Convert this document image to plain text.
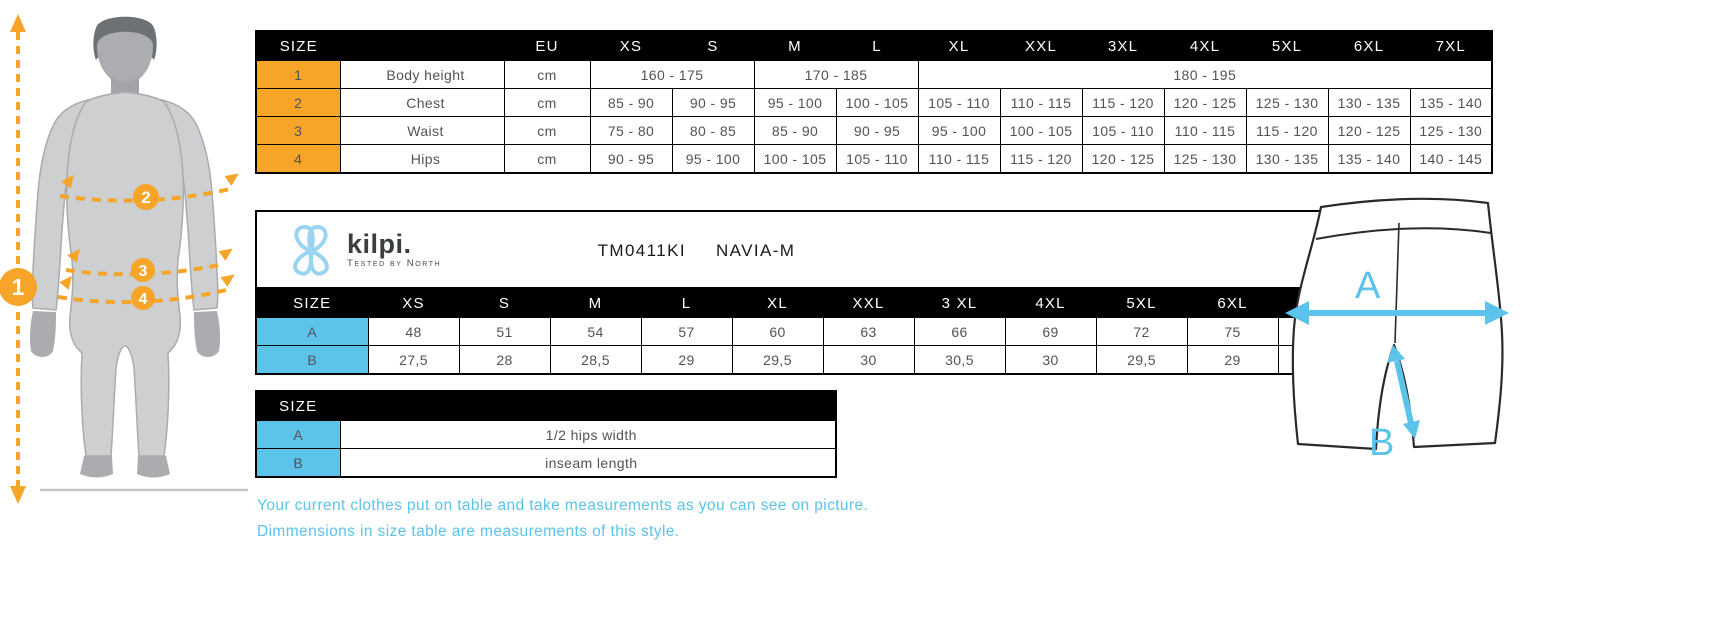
1
2
3
4
SIZE		EU	XS	S	M	L	XL	XXL	3XL	4XL	5XL	6XL	7XL
1	Body height	cm	160 - 175		170 - 185		180 - 195						
2	Chest	cm	85 - 90	90 - 95	95 - 100	100 - 105	105 - 110	110 - 115	115 - 120	120 - 125	125 - 130	130 - 135	135 - 140
3	Waist	cm	75 - 80	80 - 85	85 - 90	90 - 95	95 - 100	100 - 105	105 - 110	110 - 115	115 - 120	120 - 125	125 - 130
4	Hips	cm	90 - 95	95 - 100	100 - 105	105 - 110	110 - 115	115 - 120	120 - 125	125 - 130	130 - 135	135 - 140	140 - 145
kilpi.
Tested by North
TM0411KI NAVIA-M
SIZE	XS	S	M	L	XL	XXL	3 XL	4XL	5XL	6XL	
A	48	51	54	57	60	63	66	69	72	75	
B	27,5	28	28,5	29	29,5	30	30,5	30	29,5	29	
SIZE	
A	1/2 hips width
B	inseam length
Your current clothes put on table and take measurements as you can see on picture.
Dimmensions in size table are measurements of this style.
A
B
